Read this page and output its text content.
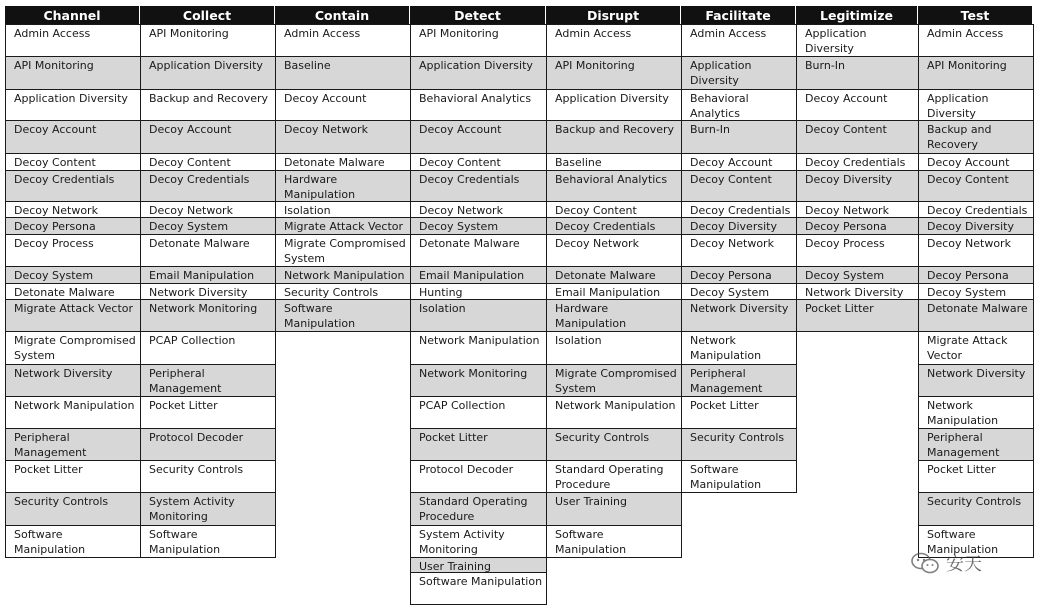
Channel
Admin Access
API Monitoring
Application Diversity
Decoy Account
Decoy Content
Decoy Credentials
Decoy Network
Decoy Persona
Decoy Process
Decoy System
Detonate Malware
Migrate Attack Vector
Migrate Compromised System
Network Diversity
Network Manipulation
Peripheral Management
Pocket Litter
Security Controls
Software Manipulation
Collect
API Monitoring
Application Diversity
Backup and Recovery
Decoy Account
Decoy Content
Decoy Credentials
Decoy Network
Decoy System
Detonate Malware
Email Manipulation
Network Diversity
Network Monitoring
PCAP Collection
Peripheral Management
Pocket Litter
Protocol Decoder
Security Controls
System Activity Monitoring
Software Manipulation
Contain
Admin Access
Baseline
Decoy Account
Decoy Network
Detonate Malware
Hardware Manipulation
Isolation
Migrate Attack Vector
Migrate Compromised System
Network Manipulation
Security Controls
Software Manipulation
Detect
API Monitoring
Application Diversity
Behavioral Analytics
Decoy Account
Decoy Content
Decoy Credentials
Decoy Network
Decoy System
Detonate Malware
Email Manipulation
Hunting
Isolation
Network Manipulation
Network Monitoring
PCAP Collection
Pocket Litter
Protocol Decoder
Standard Operating Procedure
System Activity Monitoring
User Training
Software Manipulation
Disrupt
Admin Access
API Monitoring
Application Diversity
Backup and Recovery
Baseline
Behavioral Analytics
Decoy Content
Decoy Credentials
Decoy Network
Detonate Malware
Email Manipulation
Hardware Manipulation
Isolation
Migrate Compromised System
Network Manipulation
Security Controls
Standard Operating Procedure
User Training
Software Manipulation
Facilitate
Admin Access
Application Diversity
Behavioral Analytics
Burn-In
Decoy Account
Decoy Content
Decoy Credentials
Decoy Diversity
Decoy Network
Decoy Persona
Decoy System
Network Diversity
Network Manipulation
Peripheral Management
Pocket Litter
Security Controls
Software Manipulation
Legitimize
Application Diversity
Burn-In
Decoy Account
Decoy Content
Decoy Credentials
Decoy Diversity
Decoy Network
Decoy Persona
Decoy Process
Decoy System
Network Diversity
Pocket Litter
Test
Admin Access
API Monitoring
Application Diversity
Backup and Recovery
Decoy Account
Decoy Content
Decoy Credentials
Decoy Diversity
Decoy Network
Decoy Persona
Decoy System
Detonate Malware
Migrate Attack Vector
Network Diversity
Network Manipulation
Peripheral Management
Pocket Litter
Security Controls
Software Manipulation
安天
